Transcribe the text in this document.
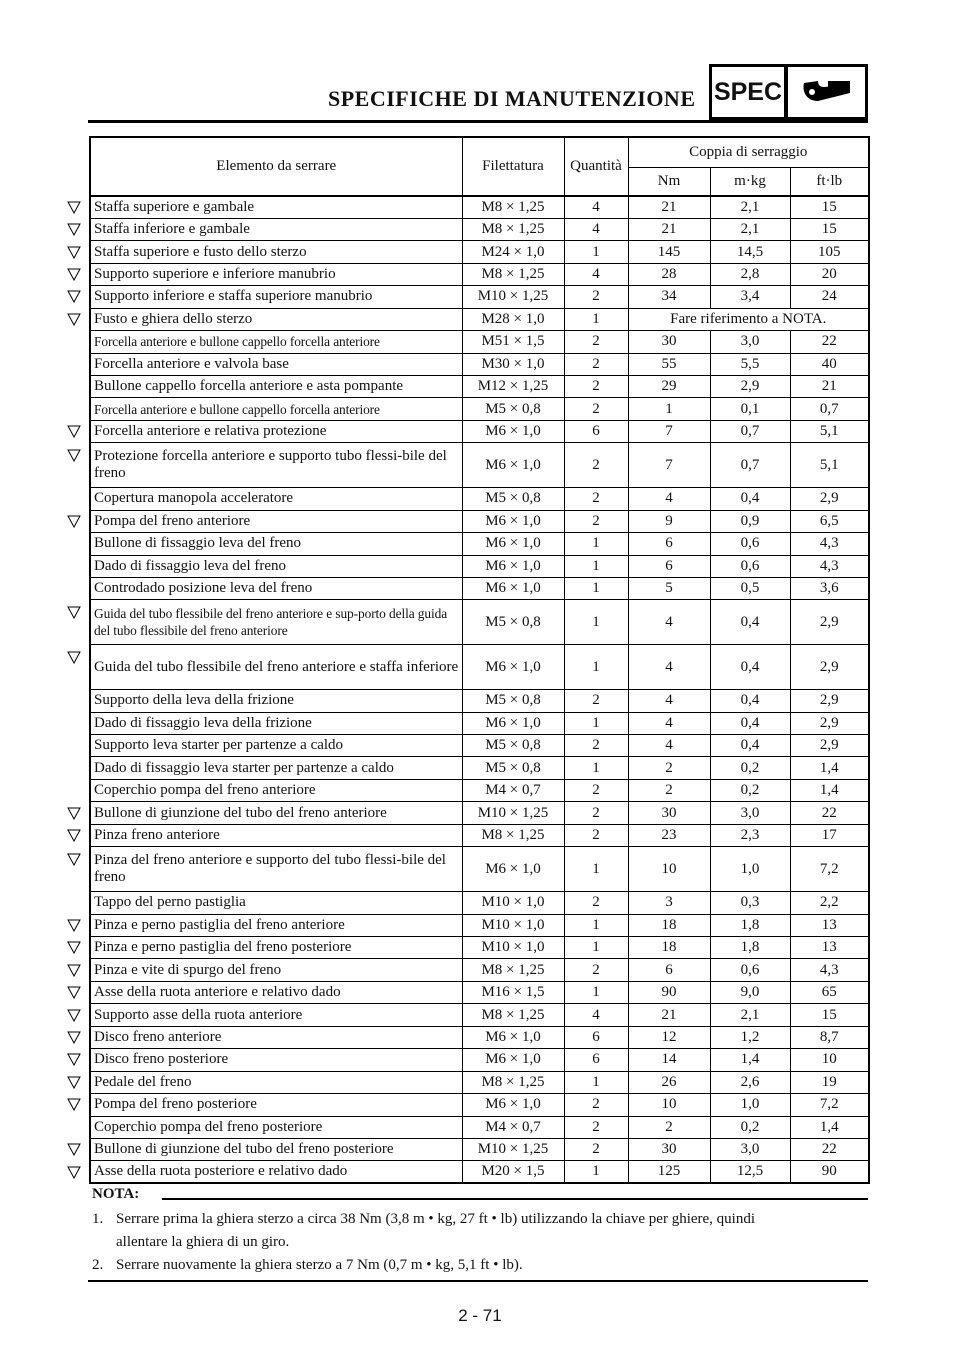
SPECIFICHE DI MANUTENZIONE SPEC
Elemento da serrare	Filettatura	Quantità	Coppia di serraggio		
			Nm	m·kg	ft·lb
Staffa superiore e gambale	M8 × 1,25	4	21	2,1	15
Staffa inferiore e gambale	M8 × 1,25	4	21	2,1	15
Staffa superiore e fusto dello sterzo	M24 × 1,0	1	145	14,5	105
Supporto superiore e inferiore manubrio	M8 × 1,25	4	28	2,8	20
Supporto inferiore e staffa superiore manubrio	M10 × 1,25	2	34	3,4	24
Fusto e ghiera dello sterzo	M28 × 1,0	1	Fare riferimento a NOTA.		
Forcella anteriore e bullone cappello forcella anteriore	M51 × 1,5	2	30	3,0	22
Forcella anteriore e valvola base	M30 × 1,0	2	55	5,5	40
Bullone cappello forcella anteriore e asta pompante	M12 × 1,25	2	29	2,9	21
Forcella anteriore e bullone cappello forcella anteriore	M5 × 0,8	2	1	0,1	0,7
Forcella anteriore e relativa protezione	M6 × 1,0	6	7	0,7	5,1
Protezione forcella anteriore e supporto tubo flessi-bile del freno	M6 × 1,0	2	7	0,7	5,1
Copertura manopola acceleratore	M5 × 0,8	2	4	0,4	2,9
Pompa del freno anteriore	M6 × 1,0	2	9	0,9	6,5
Bullone di fissaggio leva del freno	M6 × 1,0	1	6	0,6	4,3
Dado di fissaggio leva del freno	M6 × 1,0	1	6	0,6	4,3
Controdado posizione leva del freno	M6 × 1,0	1	5	0,5	3,6
Guida del tubo flessibile del freno anteriore e sup-porto della guida del tubo flessibile del freno anteriore	M5 × 0,8	1	4	0,4	2,9
Guida del tubo flessibile del freno anteriore e staffa inferiore	M6 × 1,0	1	4	0,4	2,9
Supporto della leva della frizione	M5 × 0,8	2	4	0,4	2,9
Dado di fissaggio leva della frizione	M6 × 1,0	1	4	0,4	2,9
Supporto leva starter per partenze a caldo	M5 × 0,8	2	4	0,4	2,9
Dado di fissaggio leva starter per partenze a caldo	M5 × 0,8	1	2	0,2	1,4
Coperchio pompa del freno anteriore	M4 × 0,7	2	2	0,2	1,4
Bullone di giunzione del tubo del freno anteriore	M10 × 1,25	2	30	3,0	22
Pinza freno anteriore	M8 × 1,25	2	23	2,3	17
Pinza del freno anteriore e supporto del tubo flessi-bile del freno	M6 × 1,0	1	10	1,0	7,2
Tappo del perno pastiglia	M10 × 1,0	2	3	0,3	2,2
Pinza e perno pastiglia del freno anteriore	M10 × 1,0	1	18	1,8	13
Pinza e perno pastiglia del freno posteriore	M10 × 1,0	1	18	1,8	13
Pinza e vite di spurgo del freno	M8 × 1,25	2	6	0,6	4,3
Asse della ruota anteriore e relativo dado	M16 × 1,5	1	90	9,0	65
Supporto asse della ruota anteriore	M8 × 1,25	4	21	2,1	15
Disco freno anteriore	M6 × 1,0	6	12	1,2	8,7
Disco freno posteriore	M6 × 1,0	6	14	1,4	10
Pedale del freno	M8 × 1,25	1	26	2,6	19
Pompa del freno posteriore	M6 × 1,0	2	10	1,0	7,2
Coperchio pompa del freno posteriore	M4 × 0,7	2	2	0,2	1,4
Bullone di giunzione del tubo del freno posteriore	M10 × 1,25	2	30	3,0	22
Asse della ruota posteriore e relativo dado	M20 × 1,5	1	125	12,5	90
NOTA:
1. Serrare prima la ghiera sterzo a circa 38 Nm (3,8 m • kg, 27 ft • lb) utilizzando la chiave per ghiere, quindi
allentare la ghiera di un giro.
2. Serrare nuovamente la ghiera sterzo a 7 Nm (0,7 m • kg, 5,1 ft • lb).
2 - 71
